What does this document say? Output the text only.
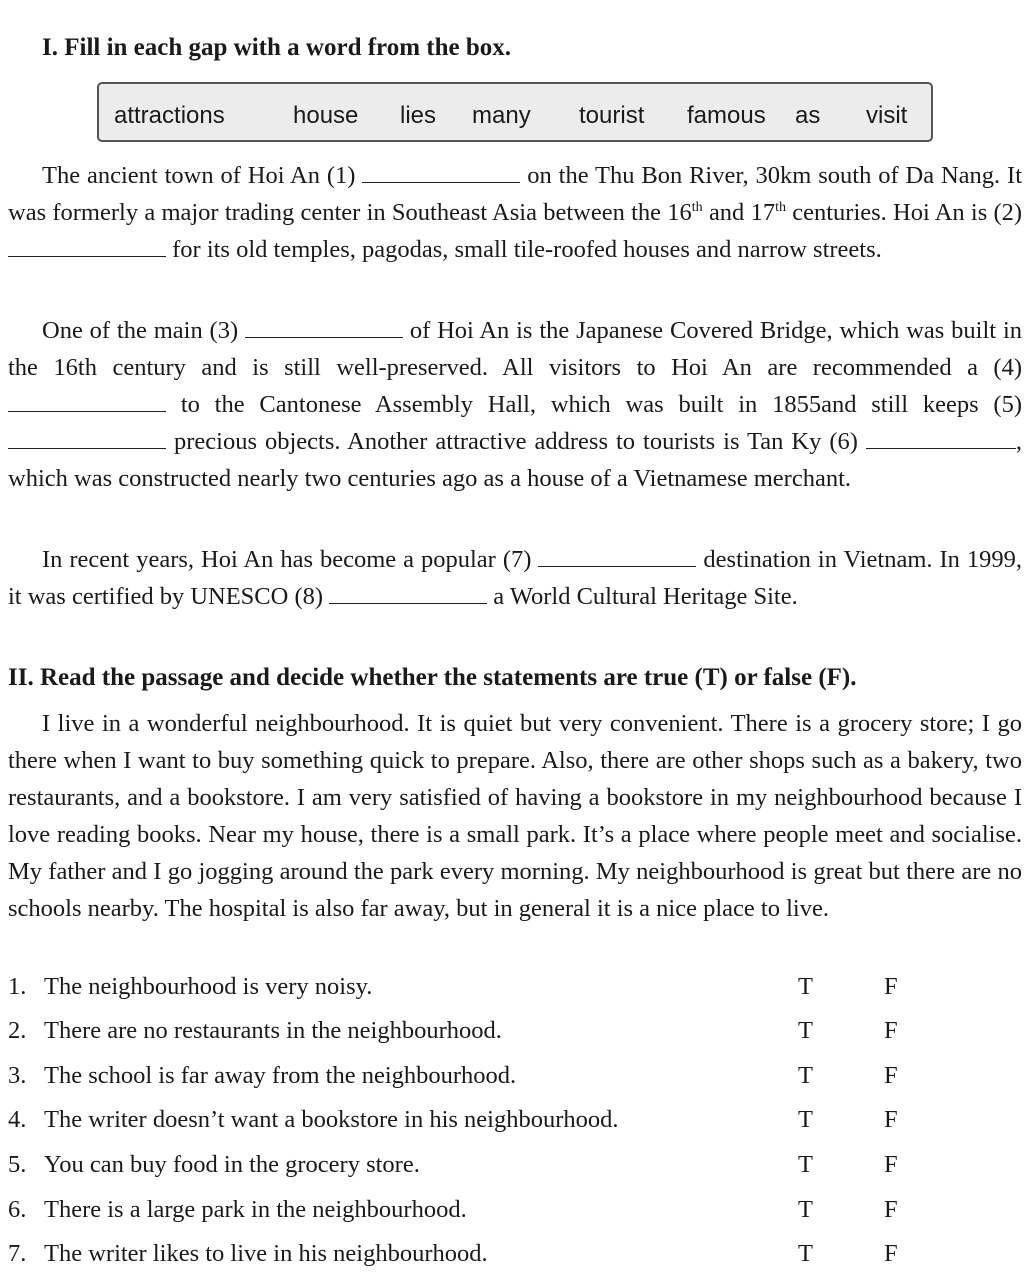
I. Fill in each gap with a word from the box.
attractions	house lies many tourist famous as visit

The ancient town of Hoi An (1)	on the Thu Bon River, 30km south of Da Nang. It was formerly a major trading center in Southeast Asia between the 16th and 17th centuries. Hoi An is (2)  for its old temples, pagodas, small tile-roofed houses and narrow streets.

One of the main (3)	of Hoi An is the Japanese Covered Bridge, which was built in the 16th century and is still well-preserved. All visitors to Hoi An are recommended a (4)  to the Cantonese Assembly Hall, which was built in 1855and still keeps (5) precious objects. Another attractive address to tourists is Tan Ky (6)	, which was constructed nearly two centuries ago as a house of a Vietnamese merchant.

In recent years, Hoi An has become a popular (7)	destination in Vietnam. In 1999, it was certified by UNESCO (8)	a World Cultural Heritage Site.

II. Read the passage and decide whether the statements are true (T) or false (F).

I live in a wonderful neighbourhood. It is quiet but very convenient. There is a grocery store; I go there when I want to buy something quick to prepare. Also, there are other shops such as a bakery, two restaurants, and a bookstore. I am very satisfied of having a bookstore in my neighbourhood because I love reading books. Near my house, there is a small park. It’s a place where people meet and socialise. My father and I go jogging around the park every morning. My neighbourhood is great but there are no schools nearby. The hospital is also far away, but in general it is a nice place to live.

1. The neighbourhood is very noisy.	T	F
2. There are no restaurants in the neighbourhood.	T	F
3. The school is far away from the neighbourhood.	T	F
4. The writer doesn’t want a bookstore in his neighbourhood.	T	F
5. You can buy food in the grocery store.	T	F
6. There is a large park in the neighbourhood.	T	F
7. The writer likes to live in his neighbourhood.	T	F
